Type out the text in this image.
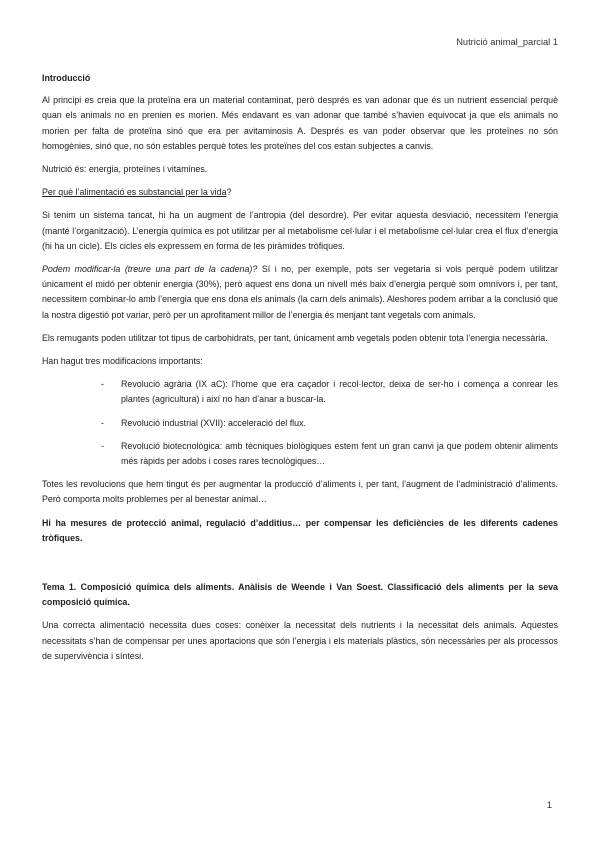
Nutrició animal_parcial 1

Introducció

Al principi es creia que la proteïna era un material contaminat, però després es van adonar que és un nutrient essencial perquè quan els animals no en prenien es morien. Més endavant es van adonar que també s’havien equivocat ja que els animals no morien per falta de proteïna sinó que era per avitaminosis A. Després es van poder observar que les proteïnes no són homogènies, sinó que, no són estables perquè totes les proteïnes del cos estan subjectes a canvis.

Nutrició és: energia, proteïnes i vitamines.

Per què l’alimentació es substancial per la vida?

Si tenim un sistema tancat, hi ha un augment de l’antropia (del desordre). Per evitar aquesta desviació, necessitem l’energia (manté l’organització). L’energia química es pot utilitzar per al metabolisme cel·lular i el metabolisme cel·lular crea el flux d’energia (hi ha un cicle). Els cicles els expressem en forma de les piràmides tròfiques.

Podem modificar-la (treure una part de la cadena)? Sí i no, per exemple, pots ser vegetaria si vols perquè podem utilitzar únicament el midó per obtenir energia (30%), però aquest ens dona un nivell més baix d’energia perquè som omnívors i, per tant, necessitem combinar-lo amb l’energia que ens dona els animals (la carn dels animals). Aleshores podem arribar a la conclusió que la nostra digestió pot variar, però per un aprofitament millor de l’energia és menjant tant vegetals com animals.

Els remugants poden utilitzar tot tipus de carbohidrats, per tant, únicament amb vegetals poden obtenir tota l’energia necessària.

Han hagut tres modificacions importants:

- Revolució agrària (IX aC): l’home que era caçador i recol·lector, deixa de ser-ho i comença a conrear les plantes (agricultura) i així no han d’anar a buscar-la.
- Revolució industrial (XVII): acceleració del flux.
- Revolució biotecnològica: amb tècniques biològiques estem fent un gran canvi ja que podem obtenir aliments més ràpids per adobs i coses rares tecnològiques…

Totes les revolucions que hem tingut és per augmentar la producció d’aliments i, per tant, l’augment de l’administració d’aliments. Però comporta molts problemes per al benestar animal…

Hi ha mesures de protecció animal, regulació d’additius… per compensar les deficiències de les diferents cadenes tròfiques.

Tema 1. Composició química dels aliments. Anàlisis de Weende i Van Soest. Classificació dels aliments per la seva composició química.

Una correcta alimentació necessita dues coses: conèixer la necessitat dels nutrients i la necessitat dels animals. Aquestes necessitats s’han de compensar per unes aportacions que són l’energia i els materials plàstics, són necessàries per als processos de supervivència i síntesi.

1
